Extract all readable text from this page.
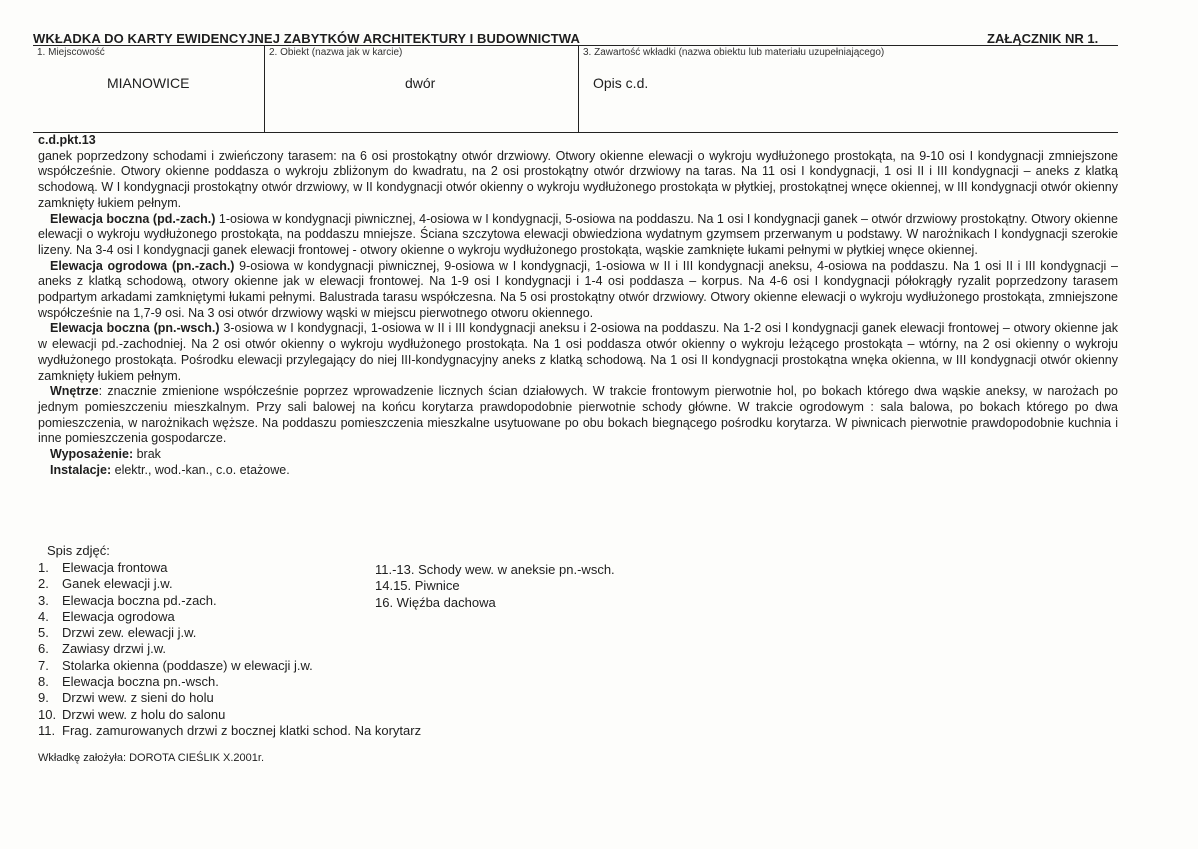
WKŁADKA DO KARTY EWIDENCYJNEJ ZABYTKÓW ARCHITEKTURY I BUDOWNICTWA	ZAŁĄCZNIK NR 1.
1. Miejscowość
MIANOWICE
2. Obiekt (nazwa jak w karcie)
dwór
3. Zawartość wkładki (nazwa obiektu lub materiału uzupełniającego)
Opis c.d.

c.d.pkt.13

ganek poprzedzony schodami i zwieńczony tarasem: na 6 osi prostokątny otwór drzwiowy. Otwory okienne elewacji o wykroju wydłużonego prostokąta, na 9-10 osi I kondygnacji zmniejszone współcześnie. Otwory okienne poddasza o wykroju zbliżonym do kwadratu, na 2 osi prostokątny otwór drzwiowy na taras. Na 11 osi I kondygnacji, 1 osi II i III kondygnacji – aneks z klatką schodową. W I kondygnacji prostokątny otwór drzwiowy, w II kondygnacji otwór okienny o wykroju wydłużonego prostokąta w płytkiej, prostokątnej wnęce okiennej, w III kondygnacji otwór okienny zamknięty łukiem pełnym.

Elewacja boczna (pd.-zach.) 1-osiowa w kondygnacji piwnicznej, 4-osiowa w I kondygnacji, 5-osiowa na poddaszu. Na 1 osi I kondygnacji ganek – otwór drzwiowy prostokątny. Otwory okienne elewacji o wykroju wydłużonego prostokąta, na poddaszu mniejsze. Ściana szczytowa elewacji obwiedziona wydatnym gzymsem przerwanym u podstawy. W narożnikach I kondygnacji szerokie lizeny. Na 3-4 osi I kondygnacji ganek elewacji frontowej - otwory okienne o wykroju wydłużonego prostokąta, wąskie zamknięte łukami pełnymi w płytkiej wnęce okiennej.

Elewacja ogrodowa (pn.-zach.) 9-osiowa w kondygnacji piwnicznej, 9-osiowa w I kondygnacji, 1-osiowa w II i III kondygnacji aneksu, 4-osiowa na poddaszu. Na 1 osi II i III kondygnacji – aneks z klatką schodową, otwory okienne jak w elewacji frontowej. Na 1-9 osi I kondygnacji i 1-4 osi poddasza – korpus. Na 4-6 osi I kondygnacji półokrągły ryzalit poprzedzony tarasem podpartym arkadami zamkniętymi łukami pełnymi. Balustrada tarasu współczesna. Na 5 osi prostokątny otwór drzwiowy. Otwory okienne elewacji o wykroju wydłużonego prostokąta, zmniejszone współcześnie na 1,7-9 osi. Na 3 osi otwór drzwiowy wąski w miejscu pierwotnego otworu okiennego.

Elewacja boczna (pn.-wsch.) 3-osiowa w I kondygnacji, 1-osiowa w II i III kondygnacji aneksu i 2-osiowa na poddaszu. Na 1-2 osi I kondygnacji ganek elewacji frontowej – otwory okienne jak w elewacji pd.-zachodniej. Na 2 osi otwór okienny o wykroju wydłużonego prostokąta. Na 1 osi poddasza otwór okienny o wykroju leżącego prostokąta – wtórny, na 2 osi okienny o wykroju wydłużonego prostokąta. Pośrodku elewacji przylegający do niej III-kondygnacyjny aneks z klatką schodową. Na 1 osi II kondygnacji prostokątna wnęka okienna, w III kondygnacji otwór okienny zamknięty łukiem pełnym.

Wnętrze: znacznie zmienione współcześnie poprzez wprowadzenie licznych ścian działowych. W trakcie frontowym pierwotnie hol, po bokach którego dwa wąskie aneksy, w narożach po jednym pomieszczeniu mieszkalnym. Przy sali balowej na końcu korytarza prawdopodobnie pierwotnie schody główne. W trakcie ogrodowym : sala balowa, po bokach którego po dwa pomieszczenia, w narożnikach węższe. Na poddaszu pomieszczenia mieszkalne usytuowane po obu bokach biegnącego pośrodku korytarza. W piwnicach pierwotnie prawdopodobnie kuchnia i inne pomieszczenia gospodarcze.

Wyposażenie: brak

Instalacje: elektr., wod.-kan., c.o. etażowe.

Spis zdjęć:
1. Elewacja frontowa
2. Ganek elewacji j.w.
3. Elewacja boczna pd.-zach.
4. Elewacja ogrodowa
5. Drzwi zew. elewacji j.w.
6. Zawiasy drzwi j.w.
7. Stolarka okienna (poddasze) w elewacji j.w.
8. Elewacja boczna pn.-wsch.
9. Drzwi wew. z sieni do holu
10. Drzwi wew. z holu do salonu
11. Frag. zamurowanych drzwi z bocznej klatki schod. Na korytarz
11.-13. Schody wew. w aneksie pn.-wsch.
14.15. Piwnice
16. Więźba dachowa
Wkładkę założyła: DOROTA CIEŚLIK X.2001r.
